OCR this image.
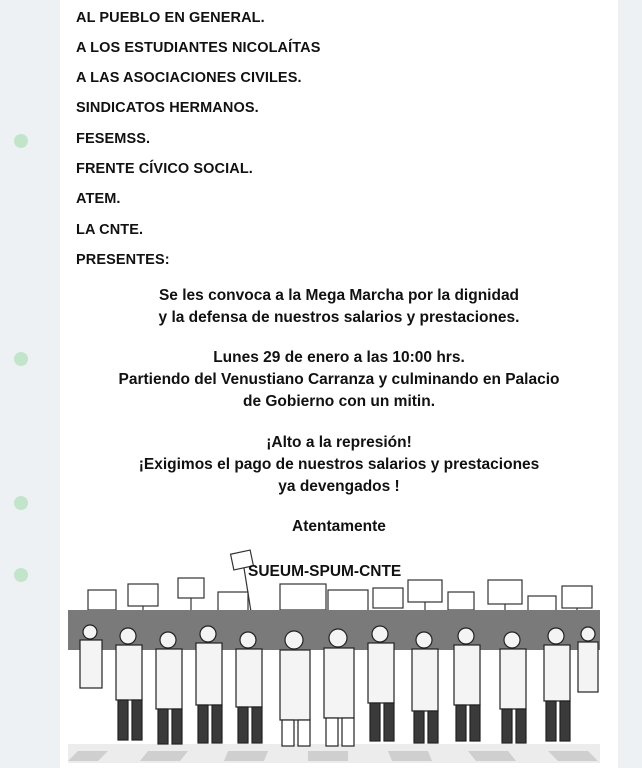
AL PUEBLO EN GENERAL.
A LOS ESTUDIANTES NICOLAÍTAS
A LAS ASOCIACIONES CIVILES.
SINDICATOS HERMANOS.
FESEMSS.
FRENTE CÍVICO SOCIAL.
ATEM.
LA CNTE.
PRESENTES:
Se les convoca a la Mega Marcha por la dignidad
y la defensa de nuestros salarios y prestaciones.
Lunes 29 de enero a las 10:00 hrs.
Partiendo del Venustiano Carranza y culminando en Palacio
de Gobierno con un mitin.
¡Alto a la represión!
¡Exigimos el pago de nuestros salarios y prestaciones
ya devengados !
Atentamente
SUEUM-SPUM-CNTE
